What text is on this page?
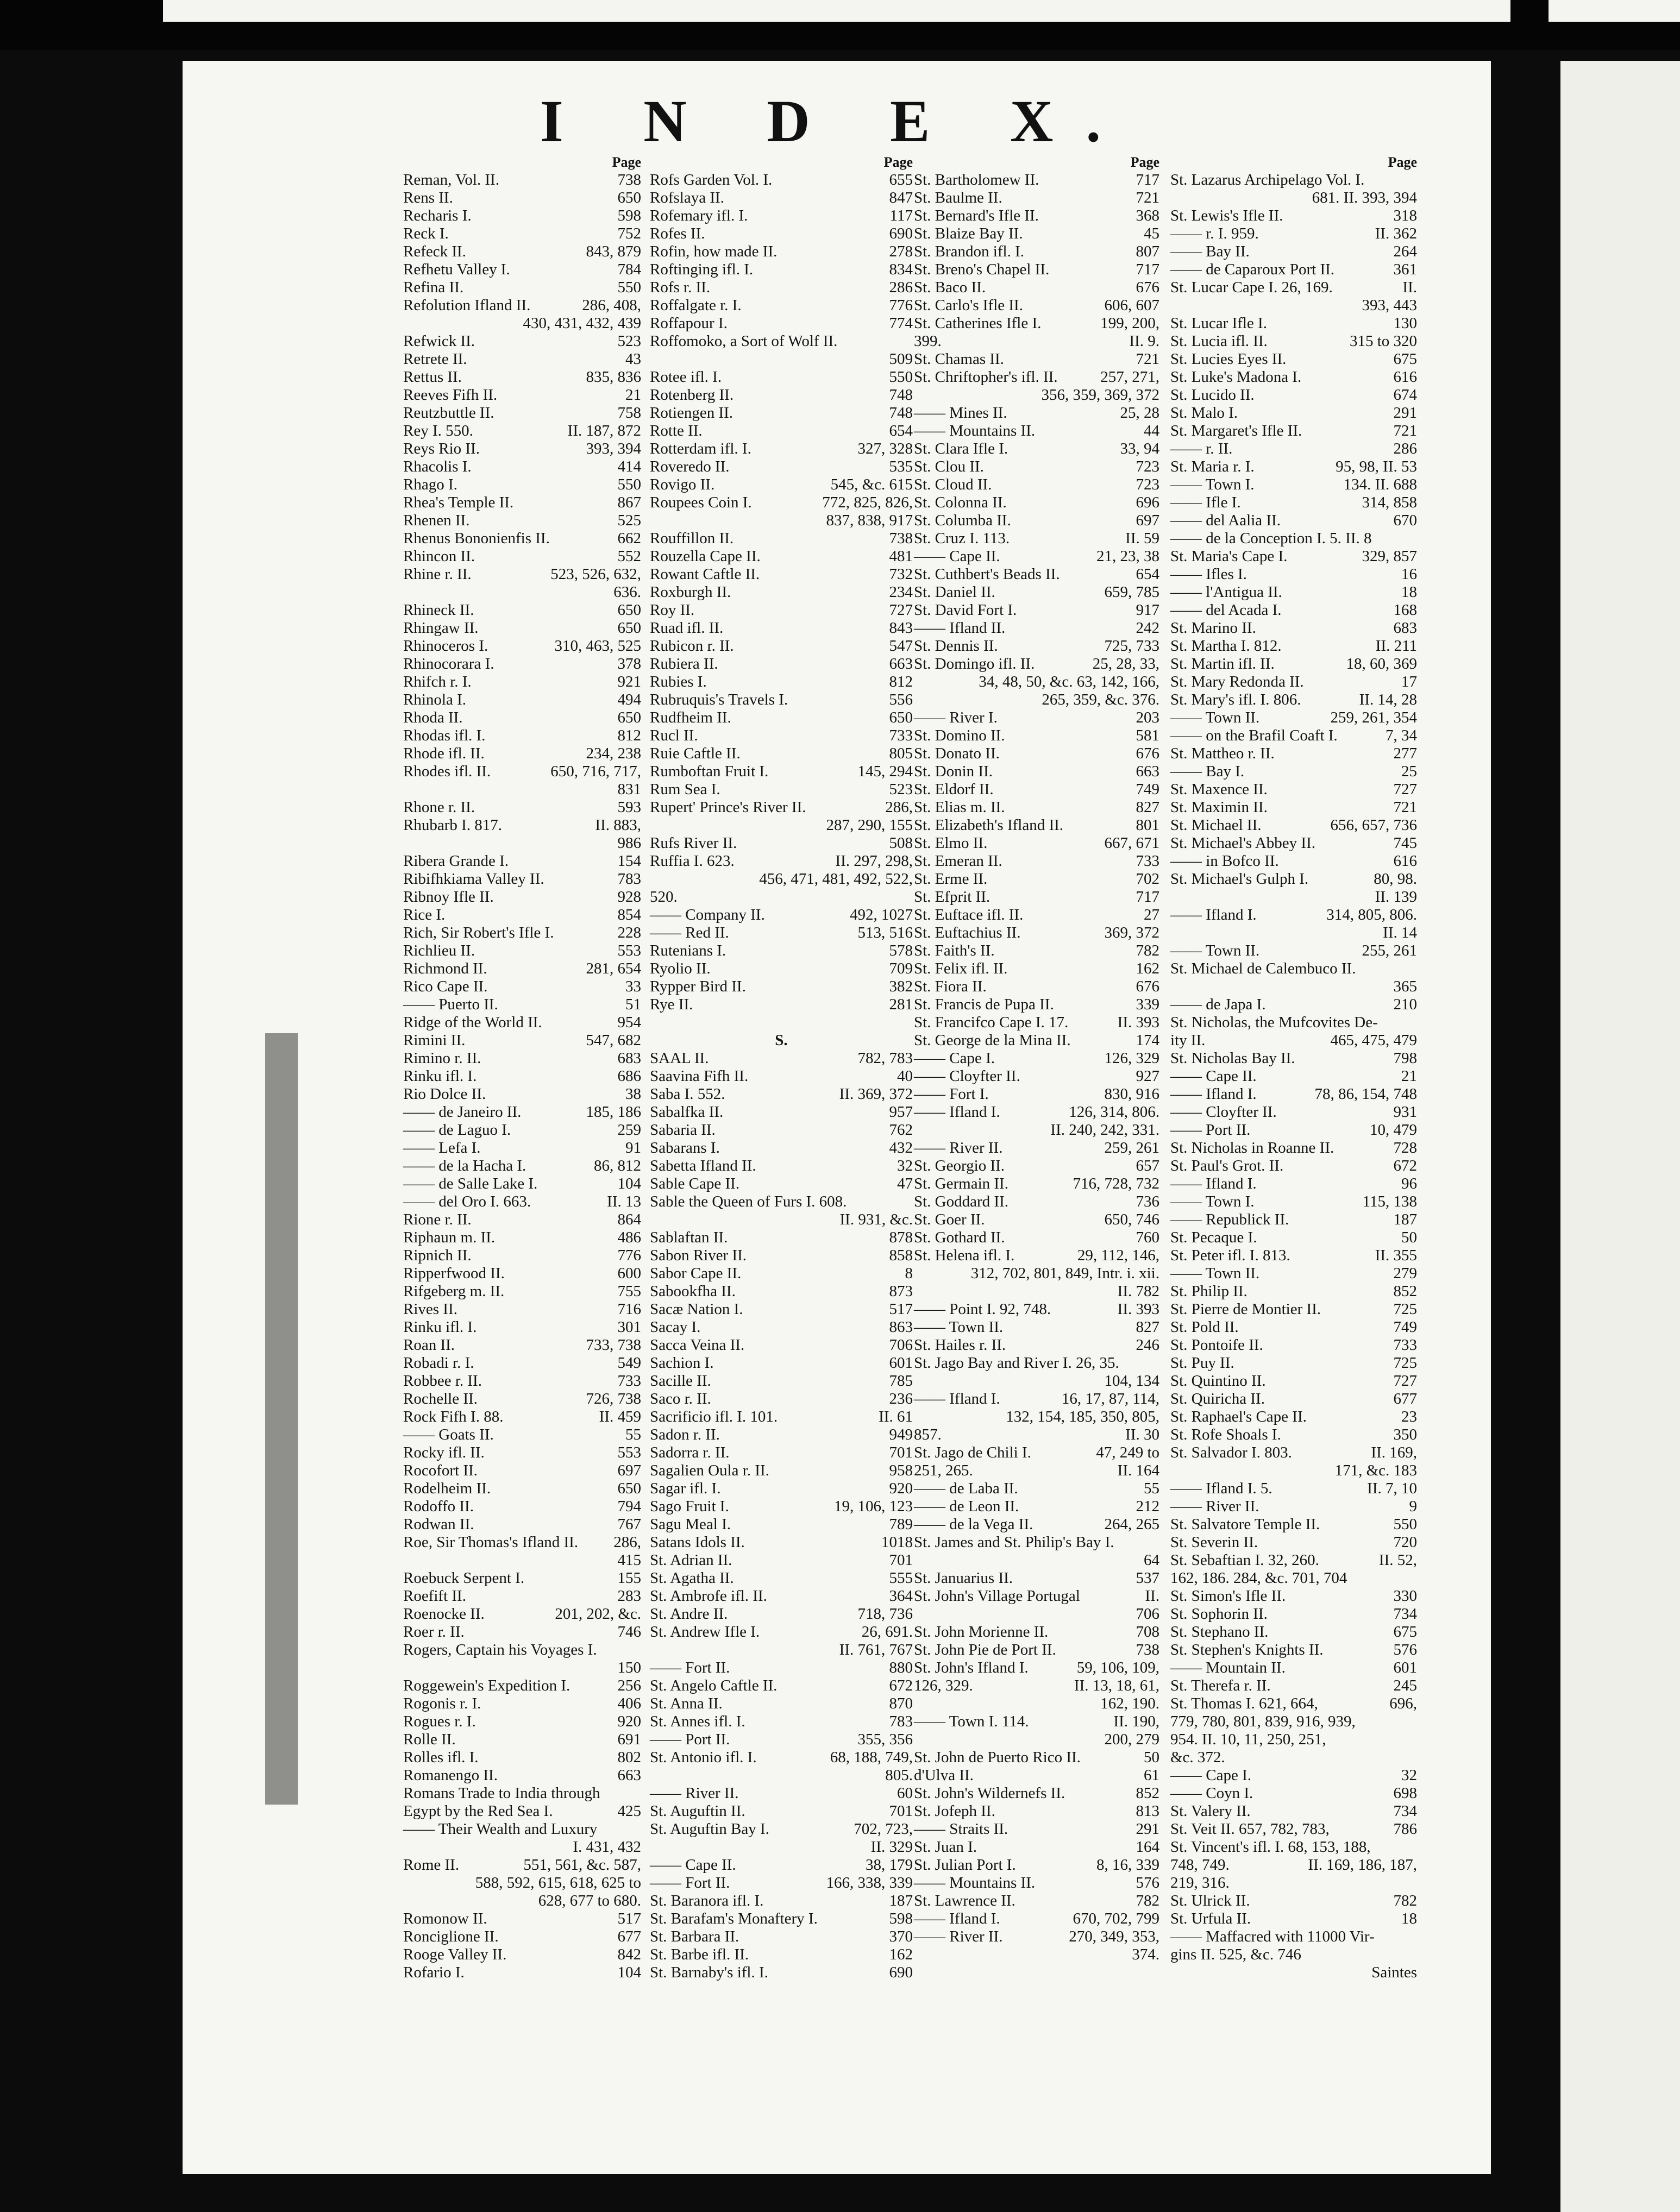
I N D E X.
Page
Reman, Vol. II.	738
Rens II.	650
Recharis I.	598
Reck I.	752
Refeck II.	843, 879
Refhetu Valley I.	784
Refina II.	550
Refolution Ifland II.	286, 408,
430, 431, 432, 439
Refwick II.	523
Retrete II.	43
Rettus II.	835, 836
Reeves Fifh II.	21
Reutzbuttle II.	758
Rey I. 550.	II. 187, 872
Reys Rio II.	393, 394
Rhacolis I.	414
Rhago I.	550
Rhea's Temple II.	867
Rhenen II.	525
Rhenus Bononienfis II.	662
Rhincon II.	552
Rhine r. II.	523, 526, 632,
636.
Rhineck II.	650
Rhingaw II.	650
Rhinoceros I.	310, 463, 525
Rhinocorara I.	378
Rhifch r. I.	921
Rhinola I.	494
Rhoda II.	650
Rhodas ifl. I.	812
Rhode ifl. II.	234, 238
Rhodes ifl. II.	650, 716, 717,
831
Rhone r. II.	593
Rhubarb I. 817.	II. 883,
986
Ribera Grande I.	154
Ribifhkiama Valley II.	783
Ribnoy Ifle II.	928
Rice I.	854
Rich, Sir Robert's Ifle I.	228
Richlieu II.	553
Richmond II.	281, 654
Rico Cape II.	33
—— Puerto II.	51
Ridge of the World II.	954
Rimini II.	547, 682
Rimino r. II.	683
Rinku ifl. I.	686
Rio Dolce II.	38
—— de Janeiro II.	185, 186
—— de Laguo I.	259
—— Lefa I.	91
—— de la Hacha I.	86, 812
—— de Salle Lake I.	104
—— del Oro I. 663.	II. 13
Rione r. II.	864
Riphaun m. II.	486
Ripnich II.	776
Ripperfwood II.	600
Rifgeberg m. II.	755
Rives II.	716
Rinku ifl. I.	301
Roan II.	733, 738
Robadi r. I.	549
Robbee r. II.	733
Rochelle II.	726, 738
Rock Fifh I. 88.	II. 459
—— Goats II.	55
Rocky ifl. II.	553
Rocofort II.	697
Rodelheim II.	650
Rodoffo II.	794
Rodwan II.	767
Roe, Sir Thomas's Ifland II. 286,
415
Roebuck Serpent I.	155
Roefift II.	283
Roenocke II.	201, 202, &c.
Roer r. II.	746
Rogers, Captain his Voyages I.
150
Roggewein's Expedition I.	256
Rogonis r. I.	406
Rogues r. I.	920
Rolle II.	691
Rolles ifl. I.	802
Romanengo II.	663
Romans Trade to India through
Egypt by the Red Sea I.	425
—— Their Wealth and Luxury
I. 431, 432
Rome II.	551, 561, &c. 587,
588, 592, 615, 618, 625 to
628, 677 to 680.
Romonow II.	517
Ronciglione II.	677
Rooge Valley II.	842
Rofario I.	104
Page
Rofs Garden Vol. I.	655
Rofslaya II.	847
Rofemary ifl. I.	117
Rofes II.	690
Rofin, how made II.	278
Roftinging ifl. I.	834
Rofs r. II.	286
Roffalgate r. I.	776
Roffapour I.	774
Roffomoko, a Sort of Wolf II.
509
Rotee ifl. I.	550
Rotenberg II.	748
Rotiengen II.	748
Rotte II.	654
Rotterdam ifl. I.	327, 328
Roveredo II.	535
Rovigo II.	545, &c. 615
Roupees Coin I.	772, 825, 826,
837, 838, 917
Rouffillon II.	738
Rouzella Cape II.	481
Rowant Caftle II.	732
Roxburgh II.	234
Roy II.	727
Ruad ifl. II.	843
Rubicon r. II.	547
Rubiera II.	663
Rubies I.	812
Rubruquis's Travels I.	556
Rudfheim II.	650
Rucl II.	733
Ruie Caftle II.	805
Rumboftan Fruit I.	145, 294
Rum Sea I.	523
Rupert' Prince's River II.	286,
287, 290, 155
Rufs River II.	508
Ruffia I. 623.	II. 297, 298,
456, 471, 481, 492, 522,
520.
—— Company II.	492, 1027
—— Red II.	513, 516
Rutenians I.	578
Ryolio II.	709
Rypper Bird II.	382
Rye II.	281
S.
SAAL II.	782, 783
Saavina Fifh II.	40
Saba I. 552.	II. 369, 372
Sabalfka II.	957
Sabaria II.	762
Sabarans I.	432
Sabetta Ifland II.	32
Sable Cape II.	47
Sable the Queen of Furs I. 608.
II. 931, &c.
Sablaftan II.	878
Sabon River II.	858
Sabor Cape II.	8
Sabookfha II.	873
Sacæ Nation I.	517
Sacay I.	863
Sacca Veina II.	706
Sachion I.	601
Sacille II.	785
Saco r. II.	236
Sacrificio ifl. I. 101.	II. 61
Sadon r. II.	949
Sadorra r. II.	701
Sagalien Oula r. II.	958
Sagar ifl. I.	920
Sago Fruit I.	19, 106, 123
Sagu Meal I.	789
Satans Idols II.	1018
St. Adrian II.	701
St. Agatha II.	555
St. Ambrofe ifl. II.	364
St. Andre II.	718, 736
St. Andrew Ifle I.	26, 691.
II. 761, 767
—— Fort II.	880
St. Angelo Caftle II.	672
St. Anna II.	870
St. Annes ifl. I.	783
—— Port II.	355, 356
St. Antonio ifl. I.	68, 188, 749,
805.
—— River II.	60
St. Auguftin II.	701
St. Auguftin Bay I.	702, 723,
II. 329
—— Cape II.	38, 179
—— Fort II.	166, 338, 339
St. Baranora ifl. I.	187
St. Barafam's Monaftery I.	598
St. Barbara II.	370
St. Barbe ifl. II.	162
St. Barnaby's ifl. I.	690
Page
St. Bartholomew II.	717
St. Baulme II.	721
St. Bernard's Ifle II.	368
St. Blaize Bay II.	45
St. Brandon ifl. I.	807
St. Breno's Chapel II.	717
St. Baco II.	676
St. Carlo's Ifle II.	606, 607
St. Catherines Ifle I.	199, 200,
399.	II. 9.
St. Chamas II.	721
St. Chriftopher's ifl. II.	257, 271,
356, 359, 369, 372
—— Mines II.	25, 28
—— Mountains II.	44
St. Clara Ifle I.	33, 94
St. Clou II.	723
St. Cloud II.	723
St. Colonna II.	696
St. Columba II.	697
St. Cruz I. 113.	II. 59
—— Cape II.	21, 23, 38
St. Cuthbert's Beads II.	654
St. Daniel II.	659, 785
St. David Fort I.	917
—— Ifland II.	242
St. Dennis II.	725, 733
St. Domingo ifl. II.	25, 28, 33,
34, 48, 50, &c. 63, 142, 166,
265, 359, &c. 376.
—— River I.	203
St. Domino II.	581
St. Donato II.	676
St. Donin II.	663
St. Eldorf II.	749
St. Elias m. II.	827
St. Elizabeth's Ifland II.	801
St. Elmo II.	667, 671
St. Emeran II.	733
St. Erme II.	702
St. Efprit II.	717
St. Euftace ifl. II.	27
St. Euftachius II.	369, 372
St. Faith's II.	782
St. Felix ifl. II.	162
St. Fiora II.	676
St. Francis de Pupa II.	339
St. Francifco Cape I. 17.	II. 393
St. George de la Mina II.	174
—— Cape I.	126, 329
—— Cloyfter II.	927
—— Fort I.	830, 916
—— Ifland I.	126, 314, 806.
II. 240, 242, 331.
—— River II.	259, 261
St. Georgio II.	657
St. Germain II.	716, 728, 732
St. Goddard II.	736
St. Goer II.	650, 746
St. Gothard II.	760
St. Helena ifl. I.	29, 112, 146,
312, 702, 801, 849, Intr. i. xii.
II. 782
—— Point I. 92, 748.	II. 393
—— Town II.	827
St. Hailes r. II.	246
St. Jago Bay and River I. 26, 35.
104, 134
—— Ifland I.	16, 17, 87, 114,
132, 154, 185, 350, 805,
857.	II. 30
St. Jago de Chili I.	47, 249 to
251, 265.	II. 164
—— de Laba II.	55
—— de Leon II.	212
—— de la Vega II.	264, 265
St. James and St. Philip's Bay I.
64
St. Januarius II.	537
St. John's Village Portugal	II.
706
St. John Morienne II.	708
St. John Pie de Port II.	738
St. John's Ifland I.	59, 106, 109,
126, 329.	II. 13, 18, 61,
162, 190.
—— Town I. 114.	II. 190,
200, 279
St. John de Puerto Rico II.	50
d'Ulva II.	61
St. John's Wildernefs II.	852
St. Jofeph II.	813
—— Straits II.	291
St. Juan I.	164
St. Julian Port I.	8, 16, 339
—— Mountains II.	576
St. Lawrence II.	782
—— Ifland I.	670, 702, 799
—— River II.	270, 349, 353,
374.
Page
St. Lazarus Archipelago Vol. I.
681. II. 393, 394
St. Lewis's Ifle II.	318
—— r. I. 959.	II. 362
—— Bay II.	264
—— de Caparoux Port II.	361
St. Lucar Cape I. 26, 169.	II.
393, 443
St. Lucar Ifle I.	130
St. Lucia ifl. II.	315 to 320
St. Lucies Eyes II.	675
St. Luke's Madona I.	616
St. Lucido II.	674
St. Malo I.	291
St. Margaret's Ifle II.	721
—— r. II.	286
St. Maria r. I.	95, 98, II. 53
—— Town I.	134. II. 688
—— Ifle I.	314, 858
—— del Aalia II.	670
—— de la Conception I. 5. II. 8
St. Maria's Cape I.	329, 857
—— Ifles I.	16
—— l'Antigua II.	18
—— del Acada I.	168
St. Marino II.	683
St. Martha I. 812.	II. 211
St. Martin ifl. II.	18, 60, 369
St. Mary Redonda II.	17
St. Mary's ifl. I. 806.	II. 14, 28
—— Town II.	259, 261, 354
—— on the Brafil Coaft I.	7, 34
St. Mattheo r. II.	277
—— Bay I.	25
St. Maxence II.	727
St. Maximin II.	721
St. Michael II.	656, 657, 736
St. Michael's Abbey II.	745
—— in Bofco II.	616
St. Michael's Gulph I.	80, 98.
II. 139
—— Ifland I.	314, 805, 806.
II. 14
—— Town II.	255, 261
St. Michael de Calembuco II.
365
—— de Japa I.	210
St. Nicholas, the Mufcovites De-
ity II.	465, 475, 479
St. Nicholas Bay II.	798
—— Cape II.	21
—— Ifland I.	78, 86, 154, 748
—— Cloyfter II.	931
—— Port II.	10, 479
St. Nicholas in Roanne II.	728
St. Paul's Grot. II.	672
—— Ifland I.	96
—— Town I.	115, 138
—— Republick II.	187
St. Pecaque I.	50
St. Peter ifl. I. 813.	II. 355
—— Town II.	279
St. Philip II.	852
St. Pierre de Montier II.	725
St. Pold II.	749
St. Pontoife II.	733
St. Puy II.	725
St. Quintino II.	727
St. Quiricha II.	677
St. Raphael's Cape II.	23
St. Rofe Shoals I.	350
St. Salvador I. 803.	II. 169,
171, &c. 183
—— Ifland I. 5.	II. 7, 10
—— River II.	9
St. Salvatore Temple II.	550
St. Severin II.	720
St. Sebaftian I. 32, 260.	II. 52,
162, 186. 284, &c. 701, 704
St. Simon's Ifle II.	330
St. Sophorin II.	734
St. Stephano II.	675
St. Stephen's Knights II.	576
—— Mountain II.	601
St. Therefa r. II.	245
St. Thomas I. 621, 664,	696,
779, 780, 801, 839, 916, 939,
954. II. 10, 11, 250, 251,
&c. 372.
—— Cape I.	32
—— Coyn I.	698
St. Valery II.	734
St. Veit II. 657, 782, 783,	786
St. Vincent's ifl. I. 68, 153, 188,
748, 749.	II. 169, 186, 187,
219, 316.
St. Ulrick II.	782
St. Urfula II.	18
—— Maffacred with 11000 Vir-
gins II. 525, &c. 746
Saintes
